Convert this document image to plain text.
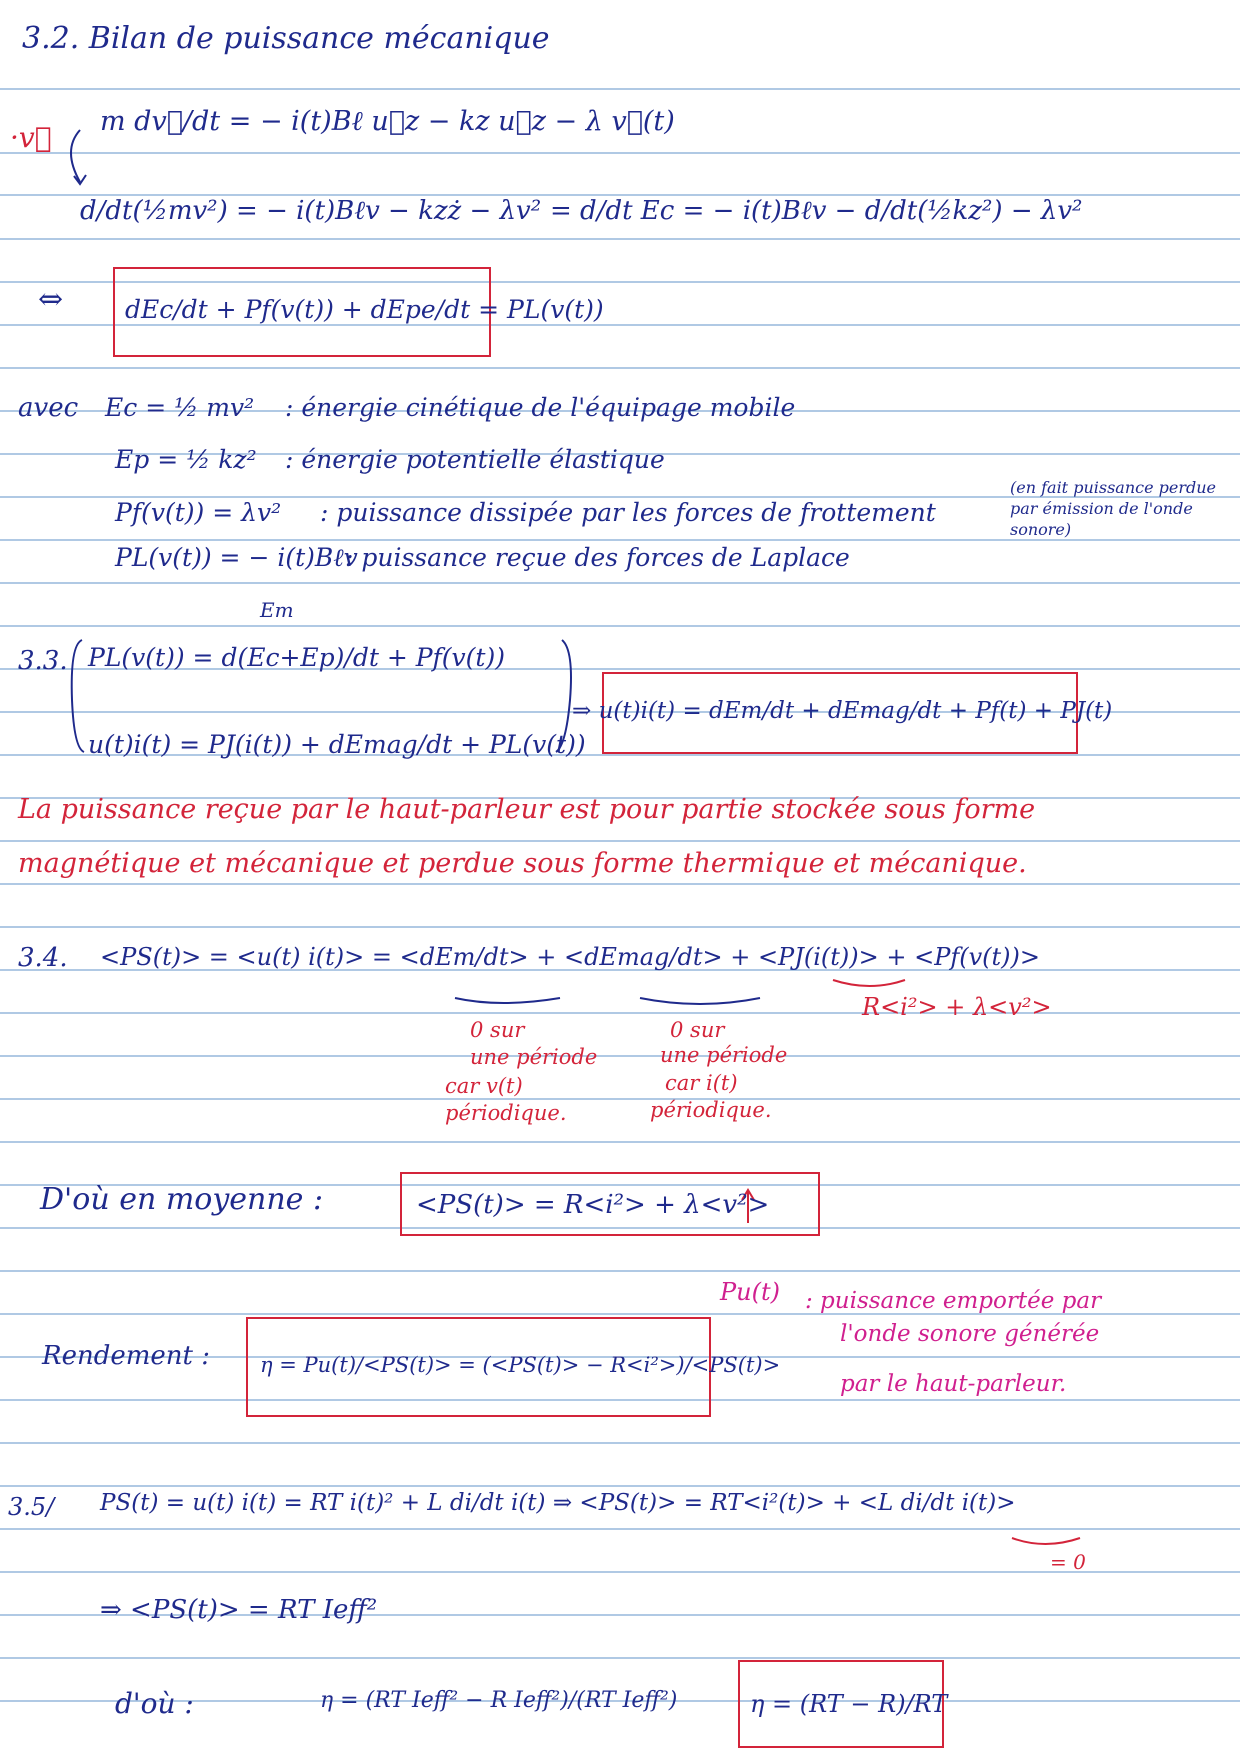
3.2. Bilan de puissance mécanique
·v⃗ m dv⃗/dt = − i(t)Bℓ u⃗z − kz u⃗z − λ v⃗(t)
d/dt(½mv²) = − i(t)Bℓv − kzż − λv² = d/dt Ec = − i(t)Bℓv − d/dt(½kz²) − λv²
⇔ dEc/dt + Pf(v(t)) + dEpe/dt = PL(v(t))
avec Ec = ½ mv² : énergie cinétique de l'équipage mobile
Ep = ½ kz² : énergie potentielle élastique
Pf(v(t)) = λv² : puissance dissipée par les forces de frottement
PL(v(t)) = − i(t)Bℓv
: puissance reçue des forces de Laplace
(en fait puissance perdue par émission de l'onde sonore)
3.3.
Em
PL(v(t)) = d(Ec+Ep)/dt + Pf(v(t))
u(t)i(t) = PJ(i(t)) + dEmag/dt + PL(v(t))
⇒ u(t)i(t) = dEm/dt + dEmag/dt + Pf(t) + PJ(t)
La puissance reçue par le haut-parleur est pour partie stockée sous forme
magnétique et mécanique et perdue sous forme thermique et mécanique.
3.4. <PS(t)> = <u(t) i(t)> = <dEm/dt> + <dEmag/dt> + <PJ(i(t))> + <Pf(v(t))>
R<i²> + λ<v²>
0 sur
une période
car v(t)
périodique.
0 sur
une période
car i(t)
périodique.
D'où en moyenne :	<PS(t)> = R<i²> + λ<v²>
Pu(t) : puissance emportée par
l'onde sonore générée
par le haut-parleur.
Rendement : η = Pu(t)/<PS(t)> = (<PS(t)> − R<i²>)/<PS(t)>
3.5/ PS(t) = u(t) i(t) = RT i(t)² + L di/dt i(t) ⇒ <PS(t)> = RT<i²(t)> + <L di/dt i(t)>
= 0
⇒ <PS(t)> = RT Ieff²
d'où :	η = (RT Ieff² − R Ieff²)/(RT Ieff²)	η = (RT − R)/RT
